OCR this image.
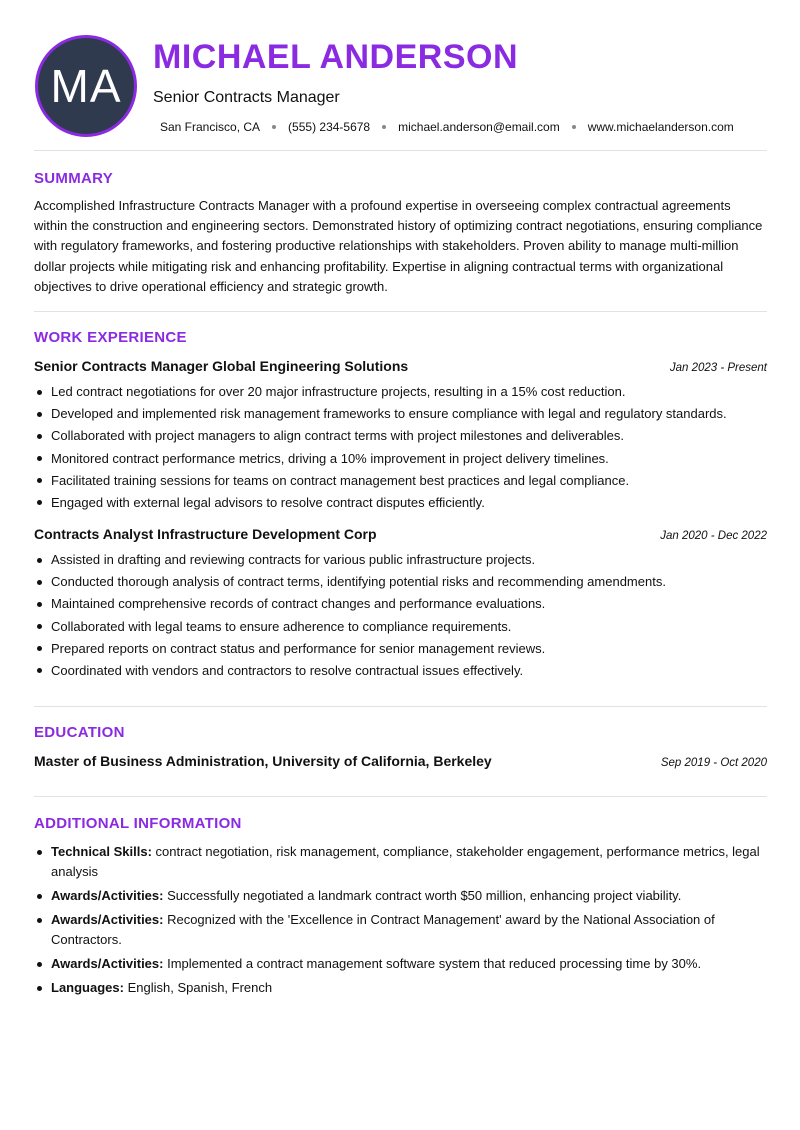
MA
MICHAEL ANDERSON
Senior Contracts Manager
San Francisco, CA (555) 234-5678 michael.anderson@email.com www.michaelanderson.com
SUMMARY
Accomplished Infrastructure Contracts Manager with a profound expertise in overseeing complex contractual agreements within the construction and engineering sectors. Demonstrated history of optimizing contract negotiations, ensuring compliance with regulatory frameworks, and fostering productive relationships with stakeholders. Proven ability to manage multi-million dollar projects while mitigating risk and enhancing profitability. Expertise in aligning contractual terms with organizational objectives to drive operational efficiency and strategic growth.
WORK EXPERIENCE
Senior Contracts Manager Global Engineering Solutions	Jan 2023 - Present
Led contract negotiations for over 20 major infrastructure projects, resulting in a 15% cost reduction.
Developed and implemented risk management frameworks to ensure compliance with legal and regulatory standards.
Collaborated with project managers to align contract terms with project milestones and deliverables.
Monitored contract performance metrics, driving a 10% improvement in project delivery timelines.
Facilitated training sessions for teams on contract management best practices and legal compliance.
Engaged with external legal advisors to resolve contract disputes efficiently.
Contracts Analyst Infrastructure Development Corp	Jan 2020 - Dec 2022
Assisted in drafting and reviewing contracts for various public infrastructure projects.
Conducted thorough analysis of contract terms, identifying potential risks and recommending amendments.
Maintained comprehensive records of contract changes and performance evaluations.
Collaborated with legal teams to ensure adherence to compliance requirements.
Prepared reports on contract status and performance for senior management reviews.
Coordinated with vendors and contractors to resolve contractual issues effectively.
EDUCATION
Master of Business Administration, University of California, Berkeley	Sep 2019 - Oct 2020
ADDITIONAL INFORMATION
Technical Skills: contract negotiation, risk management, compliance, stakeholder engagement, performance metrics, legal analysis
Awards/Activities: Successfully negotiated a landmark contract worth $50 million, enhancing project viability.
Awards/Activities: Recognized with the 'Excellence in Contract Management' award by the National Association of Contractors.
Awards/Activities: Implemented a contract management software system that reduced processing time by 30%.
Languages: English, Spanish, French
